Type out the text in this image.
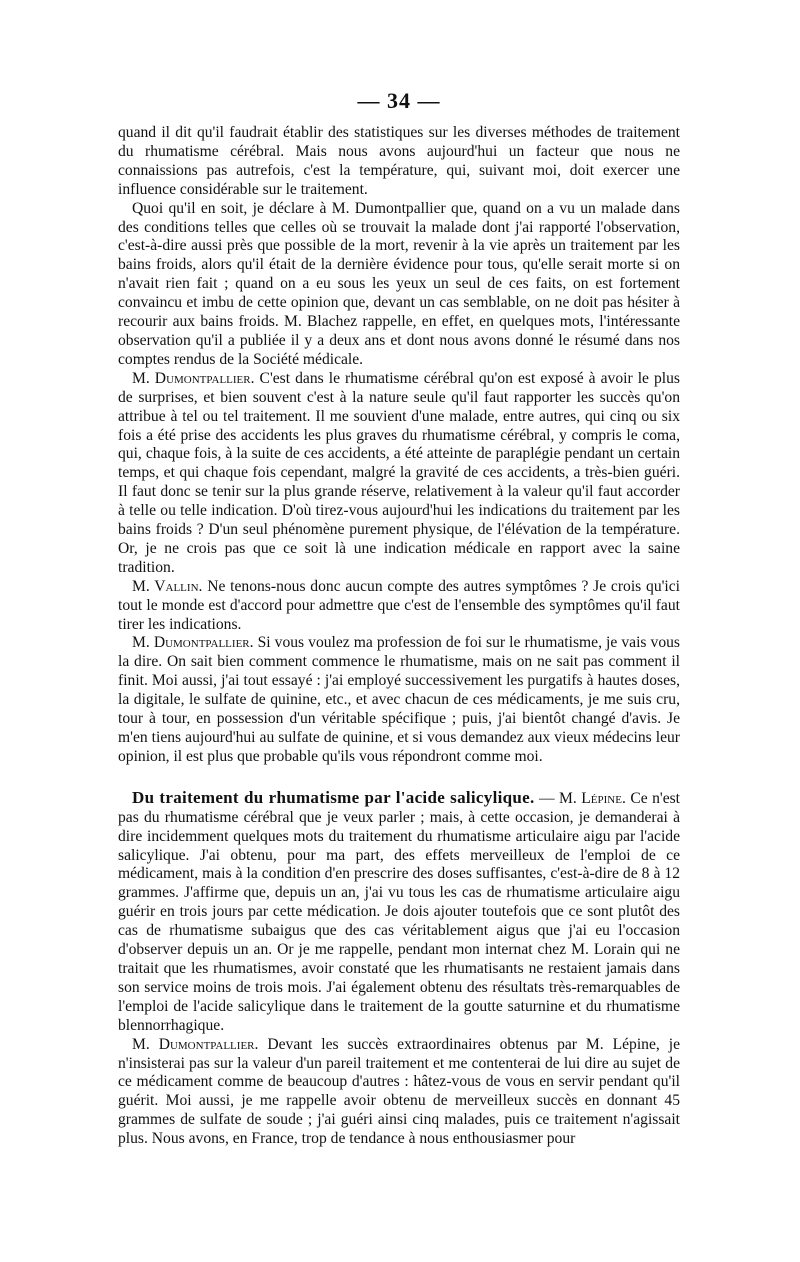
— 34 —

quand il dit qu'il faudrait établir des statistiques sur les diverses méthodes de traitement du rhumatisme cérébral. Mais nous avons aujourd'hui un facteur que nous ne connaissions pas autrefois, c'est la température, qui, suivant moi, doit exercer une influence considérable sur le traitement.

Quoi qu'il en soit, je déclare à M. Dumontpallier que, quand on a vu un malade dans des conditions telles que celles où se trouvait la malade dont j'ai rapporté l'observation, c'est-à-dire aussi près que possible de la mort, revenir à la vie après un traitement par les bains froids, alors qu'il était de la dernière évidence pour tous, qu'elle serait morte si on n'avait rien fait ; quand on a eu sous les yeux un seul de ces faits, on est fortement convaincu et imbu de cette opinion que, devant un cas semblable, on ne doit pas hésiter à recourir aux bains froids. M. Blachez rappelle, en effet, en quelques mots, l'intéressante observation qu'il a publiée il y a deux ans et dont nous avons donné le résumé dans nos comptes rendus de la Société médicale.

M. Dumontpallier. C'est dans le rhumatisme cérébral qu'on est exposé à avoir le plus de surprises, et bien souvent c'est à la nature seule qu'il faut rapporter les succès qu'on attribue à tel ou tel traitement. Il me souvient d'une malade, entre autres, qui cinq ou six fois a été prise des accidents les plus graves du rhumatisme cérébral, y compris le coma, qui, chaque fois, à la suite de ces accidents, a été atteinte de paraplégie pendant un certain temps, et qui chaque fois cependant, malgré la gravité de ces accidents, a très-bien guéri. Il faut donc se tenir sur la plus grande réserve, relativement à la valeur qu'il faut accorder à telle ou telle indication. D'où tirez-vous aujourd'hui les indications du traitement par les bains froids ? D'un seul phénomène purement physique, de l'élévation de la température. Or, je ne crois pas que ce soit là une indication médicale en rapport avec la saine tradition.

M. Vallin. Ne tenons-nous donc aucun compte des autres symptômes ? Je crois qu'ici tout le monde est d'accord pour admettre que c'est de l'ensemble des symptômes qu'il faut tirer les indications.

M. Dumontpallier. Si vous voulez ma profession de foi sur le rhumatisme, je vais vous la dire. On sait bien comment commence le rhumatisme, mais on ne sait pas comment il finit. Moi aussi, j'ai tout essayé : j'ai employé successivement les purgatifs à hautes doses, la digitale, le sulfate de quinine, etc., et avec chacun de ces médicaments, je me suis cru, tour à tour, en possession d'un véritable spécifique ; puis, j'ai bientôt changé d'avis. Je m'en tiens aujourd'hui au sulfate de quinine, et si vous demandez aux vieux médecins leur opinion, il est plus que probable qu'ils vous répondront comme moi.

Du traitement du rhumatisme par l'acide salicylique. — M. Lépine. Ce n'est pas du rhumatisme cérébral que je veux parler ; mais, à cette occasion, je demanderai à dire incidemment quelques mots du traitement du rhumatisme articulaire aigu par l'acide salicylique. J'ai obtenu, pour ma part, des effets merveilleux de l'emploi de ce médicament, mais à la condition d'en prescrire des doses suffisantes, c'est-à-dire de 8 à 12 grammes. J'affirme que, depuis un an, j'ai vu tous les cas de rhumatisme articulaire aigu guérir en trois jours par cette médication. Je dois ajouter toutefois que ce sont plutôt des cas de rhumatisme subaigus que des cas véritablement aigus que j'ai eu l'occasion d'observer depuis un an. Or je me rappelle, pendant mon internat chez M. Lorain qui ne traitait que les rhumatismes, avoir constaté que les rhumatisants ne restaient jamais dans son service moins de trois mois. J'ai également obtenu des résultats très-remarquables de l'emploi de l'acide salicylique dans le traitement de la goutte saturnine et du rhumatisme blennorrhagique.

M. Dumontpallier. Devant les succès extraordinaires obtenus par M. Lépine, je n'insisterai pas sur la valeur d'un pareil traitement et me contenterai de lui dire au sujet de ce médicament comme de beaucoup d'autres : hâtez-vous de vous en servir pendant qu'il guérit. Moi aussi, je me rappelle avoir obtenu de merveilleux succès en donnant 45 grammes de sulfate de soude ; j'ai guéri ainsi cinq malades, puis ce traitement n'agissait plus. Nous avons, en France, trop de tendance à nous enthousiasmer pour
